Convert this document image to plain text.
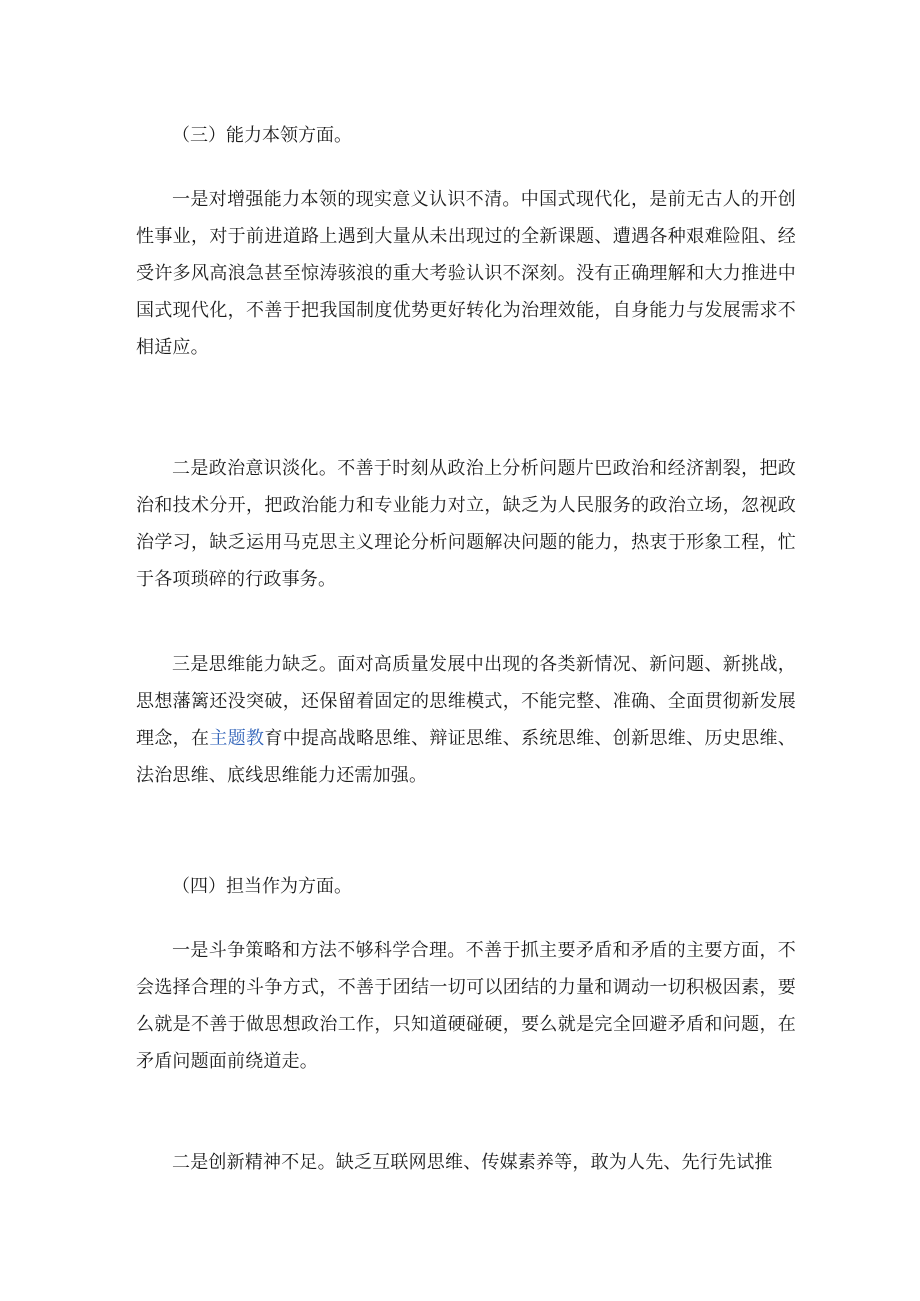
（三）能力本领方面。

一是对增强能力本领的现实意义认识不清。中国式现代化，是前无古人的开创性事业，对于前进道路上遇到大量从未出现过的全新课题、遭遇各种艰难险阻、经受许多风高浪急甚至惊涛骇浪的重大考验认识不深刻。没有正确理解和大力推进中国式现代化，不善于把我国制度优势更好转化为治理效能，自身能力与发展需求不相适应。

二是政治意识淡化。不善于时刻从政治上分析问题片巴政治和经济割裂，把政治和技术分开，把政治能力和专业能力对立，缺乏为人民服务的政治立场，忽视政治学习，缺乏运用马克思主义理论分析问题解决问题的能力，热衷于形象工程，忙于各项琐碎的行政事务。

三是思维能力缺乏。面对高质量发展中出现的各类新情况、新问题、新挑战，思想藩篱还没突破，还保留着固定的思维模式，不能完整、准确、全面贯彻新发展理念，在主题教育中提高战略思维、辩证思维、系统思维、创新思维、历史思维、法治思维、底线思维能力还需加强。

（四）担当作为方面。

一是斗争策略和方法不够科学合理。不善于抓主要矛盾和矛盾的主要方面，不会选择合理的斗争方式，不善于团结一切可以团结的力量和调动一切积极因素，要么就是不善于做思想政治工作，只知道硬碰硬，要么就是完全回避矛盾和问题，在矛盾问题面前绕道走。

二是创新精神不足。缺乏互联网思维、传媒素养等，敢为人先、先行先试推
